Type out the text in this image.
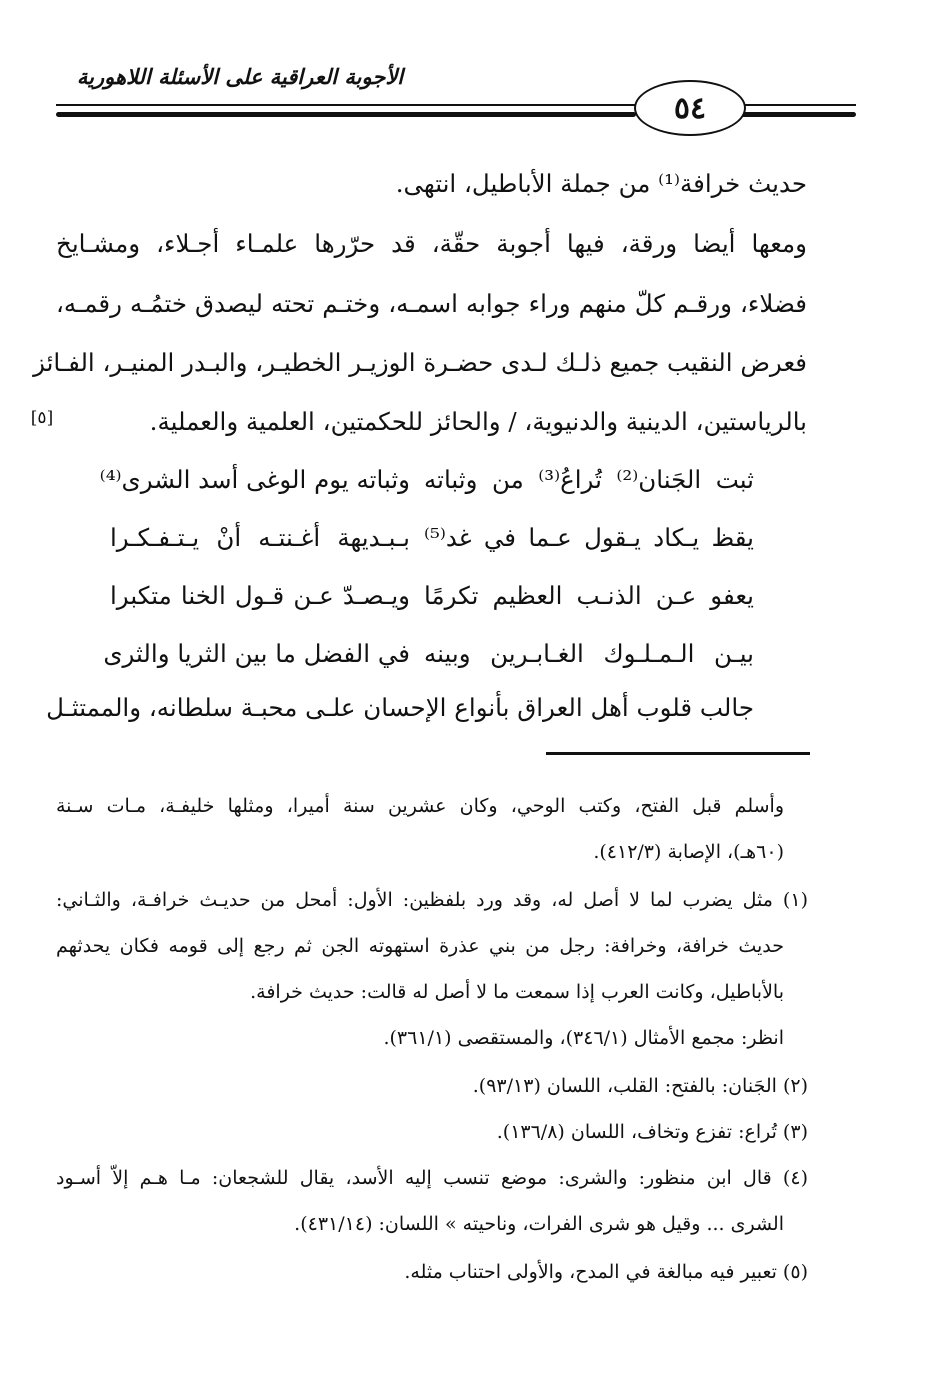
الأجوبة العراقية على الأسئلة اللاهورية
٥٤
حديث خرافة⁽¹⁾ من جملة الأباطيل، انتهى.
ومعها أيضا ورقة، فيها أجوبة حقّة، قد حرّرها علمـاء أجـلاء، ومشـايخ
فضلاء، ورقـم كلّ منهم وراء جوابه اسمـه، وختـم تحته ليصدق ختمُـه رقمـه،
فعرض النقيب جميع ذلـك لـدى حضـرة الوزيـر الخطيـر، والبـدر المنيـر، الفـائز
بالرياستين، الدينية والدنيوية، / والحائز للحكمتين، العلمية والعملية.
[٥]
ثبت الجَنان⁽²⁾ تُراعُ⁽³⁾ من وثباته
وثباته يوم الوغى أسد الشرى⁽⁴⁾
يقظ يـكاد يـقول عـما في غد⁽⁵⁾
بـبـديهة أغـنتـه أنْ يـتـفـكـرا
يعفو عـن الذنـب العظيم تكرمًا
ويـصـدّ عـن قـول الخنا متكبرا
بيـن الـمـلـوك الغـابـرين وبينه
في الفضل ما بين الثريا والثرى
جالب قلوب أهل العراق بأنواع الإحسان علـى محبـة سلطانه، والممتثـل
وأسلم قبل الفتح، وكتب الوحي، وكان عشرين سنة أميرا، ومثلها خليفـة، مـات سـنة
(٦٠هـ)، الإصابة (٤١٢/٣).
(١) مثل يضرب لما لا أصل له، وقد ورد بلفظين: الأول: أمحل من حديـث خرافـة، والثـاني:
حديث خرافة، وخرافة: رجل من بني عذرة استهوته الجن ثم رجع إلى قومه فكان يحدثهم
بالأباطيل، وكانت العرب إذا سمعت ما لا أصل له قالت: حديث خرافة.
انظر: مجمع الأمثال (٣٤٦/١)، والمستقصى (٣٦١/١).
(٢) الجَنان: بالفتح: القلب، اللسان (٩٣/١٣).
(٣) تُراع: تفزع وتخاف، اللسان (١٣٦/٨).
(٤) قال ابن منظور: والشرى: موضع تنسب إليه الأسد، يقال للشجعان: مـا هـم إلاّ أسـود
الشرى ... وقيل هو شرى الفرات، وناحيته » اللسان: (٤٣١/١٤).
(٥) تعبير فيه مبالغة في المدح، والأولى احتناب مثله.
